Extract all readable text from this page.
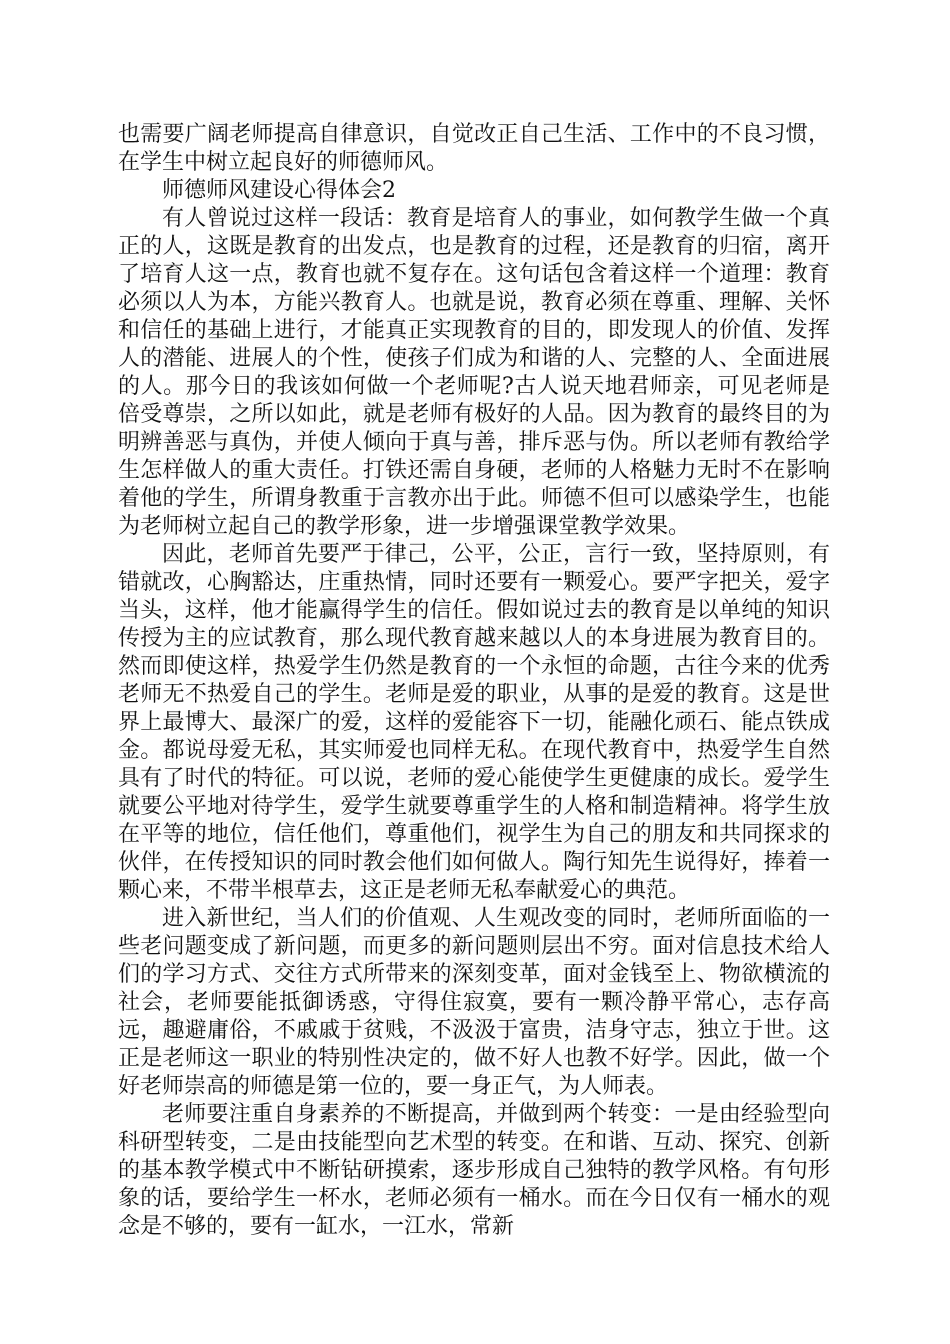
也需要广阔老师提高自律意识，自觉改正自己生活、工作中的不良习惯，在学生中树立起良好的师德师风。

师德师风建设心得体会2

有人曾说过这样一段话：教育是培育人的事业，如何教学生做一个真正的人，这既是教育的出发点，也是教育的过程，还是教育的归宿，离开了培育人这一点，教育也就不复存在。这句话包含着这样一个道理：教育必须以人为本，方能兴教育人。也就是说，教育必须在尊重、理解、关怀和信任的基础上进行，才能真正实现教育的目的，即发现人的价值、发挥人的潜能、进展人的个性，使孩子们成为和谐的人、完整的人、全面进展的人。那今日的我该如何做一个老师呢?古人说天地君师亲，可见老师是倍受尊崇，之所以如此，就是老师有极好的人品。因为教育的最终目的为明辨善恶与真伪，并使人倾向于真与善，排斥恶与伪。所以老师有教给学生怎样做人的重大责任。打铁还需自身硬，老师的人格魅力无时不在影响着他的学生，所谓身教重于言教亦出于此。师德不但可以感染学生，也能为老师树立起自己的教学形象，进一步增强课堂教学效果。

因此，老师首先要严于律己，公平，公正，言行一致，坚持原则，有错就改，心胸豁达，庄重热情，同时还要有一颗爱心。要严字把关，爱字当头，这样，他才能赢得学生的信任。假如说过去的教育是以单纯的知识传授为主的应试教育，那么现代教育越来越以人的本身进展为教育目的。然而即使这样，热爱学生仍然是教育的一个永恒的命题，古往今来的优秀老师无不热爱自己的学生。老师是爱的职业，从事的是爱的教育。这是世界上最博大、最深广的爱，这样的爱能容下一切，能融化顽石、能点铁成金。都说母爱无私，其实师爱也同样无私。在现代教育中，热爱学生自然具有了时代的特征。可以说，老师的爱心能使学生更健康的成长。爱学生就要公平地对待学生，爱学生就要尊重学生的人格和制造精神。将学生放在平等的地位，信任他们，尊重他们，视学生为自己的朋友和共同探求的伙伴，在传授知识的同时教会他们如何做人。陶行知先生说得好，捧着一颗心来，不带半根草去，这正是老师无私奉献爱心的典范。

进入新世纪，当人们的价值观、人生观改变的同时，老师所面临的一些老问题变成了新问题，而更多的新问题则层出不穷。面对信息技术给人们的学习方式、交往方式所带来的深刻变革，面对金钱至上、物欲横流的社会，老师要能抵御诱惑，守得住寂寞，要有一颗冷静平常心，志存高远，趣避庸俗，不戚戚于贫贱，不汲汲于富贵，洁身守志，独立于世。这正是老师这一职业的特别性决定的，做不好人也教不好学。因此，做一个好老师崇高的师德是第一位的，要一身正气，为人师表。

老师要注重自身素养的不断提高，并做到两个转变：一是由经验型向科研型转变，二是由技能型向艺术型的转变。在和谐、互动、探究、创新的基本教学模式中不断钻研摸索，逐步形成自己独特的教学风格。有句形象的话，要给学生一杯水，老师必须有一桶水。而在今日仅有一桶水的观念是不够的，要有一缸水，一江水，常新
